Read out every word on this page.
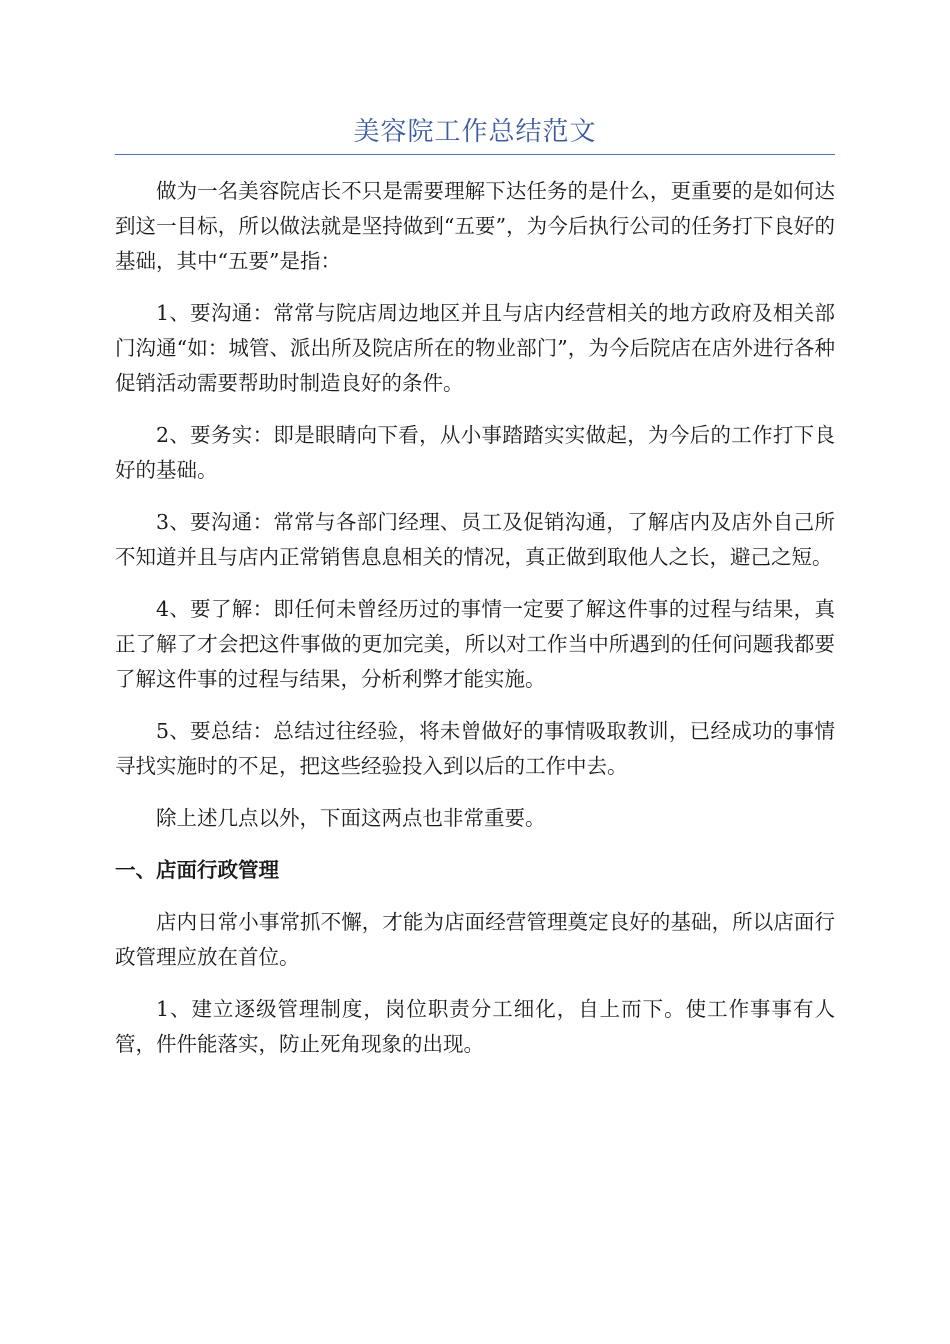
美容院工作总结范文

做为一名美容院店长不只是需要理解下达任务的是什么，更重要的是如何达到这一目标，所以做法就是坚持做到“五要”，为今后执行公司的任务打下良好的基础，其中“五要”是指：

1、要沟通：常常与院店周边地区并且与店内经营相关的地方政府及相关部门沟通“如：城管、派出所及院店所在的物业部门”，为今后院店在店外进行各种促销活动需要帮助时制造良好的条件。

2、要务实：即是眼睛向下看，从小事踏踏实实做起，为今后的工作打下良好的基础。

3、要沟通：常常与各部门经理、员工及促销沟通，了解店内及店外自己所不知道并且与店内正常销售息息相关的情况，真正做到取他人之长，避己之短。

4、要了解：即任何未曾经历过的事情一定要了解这件事的过程与结果，真正了解了才会把这件事做的更加完美，所以对工作当中所遇到的任何问题我都要了解这件事的过程与结果，分析利弊才能实施。

5、要总结：总结过往经验，将未曾做好的事情吸取教训，已经成功的事情寻找实施时的不足，把这些经验投入到以后的工作中去。

除上述几点以外，下面这两点也非常重要。

一、店面行政管理

店内日常小事常抓不懈，才能为店面经营管理奠定良好的基础，所以店面行政管理应放在首位。

1、建立逐级管理制度，岗位职责分工细化，自上而下。使工作事事有人管，件件能落实，防止死角现象的出现。
